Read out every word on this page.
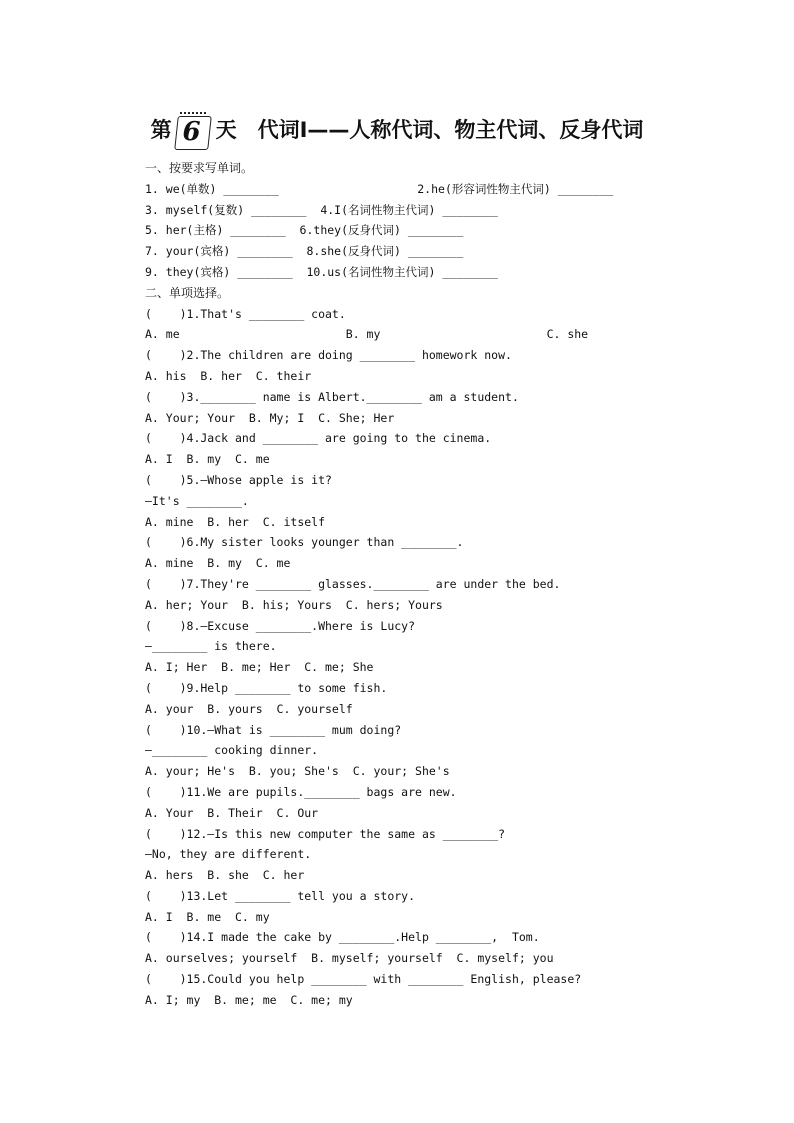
第 6 天　代词Ⅰ——人称代词、物主代词、反身代词
一、按要求写单词。
1. we(单数) ________                    2.he(形容词性物主代词) ________
3. myself(复数) ________  4.I(名词性物主代词) ________
5. her(主格) ________  6.they(反身代词) ________
7. your(宾格) ________  8.she(反身代词) ________
9. they(宾格) ________  10.us(名词性物主代词) ________
二、单项选择。
(    )1.That's ________ coat.
A. me                        B. my                        C. she
(    )2.The children are doing ________ homework now.
A. his  B. her  C. their
(    )3.________ name is Albert.________ am a student.
A. Your; Your  B. My; I  C. She; Her
(    )4.Jack and ________ are going to the cinema.
A. I  B. my  C. me
(    )5.—Whose apple is it?
—It's ________.
A. mine  B. her  C. itself
(    )6.My sister looks younger than ________.
A. mine  B. my  C. me
(    )7.They're ________ glasses.________ are under the bed.
A. her; Your  B. his; Yours  C. hers; Yours
(    )8.—Excuse ________.Where is Lucy?
—________ is there.
A. I; Her  B. me; Her  C. me; She
(    )9.Help ________ to some fish.
A. your  B. yours  C. yourself
(    )10.—What is ________ mum doing?
—________ cooking dinner.
A. your; He's  B. you; She's  C. your; She's
(    )11.We are pupils.________ bags are new.
A. Your  B. Their  C. Our
(    )12.—Is this new computer the same as ________?
—No, they are different.
A. hers  B. she  C. her
(    )13.Let ________ tell you a story.
A. I  B. me  C. my
(    )14.I made the cake by ________.Help ________,  Tom.
A. ourselves; yourself  B. myself; yourself  C. myself; you
(    )15.Could you help ________ with ________ English, please?
A. I; my  B. me; me  C. me; my
